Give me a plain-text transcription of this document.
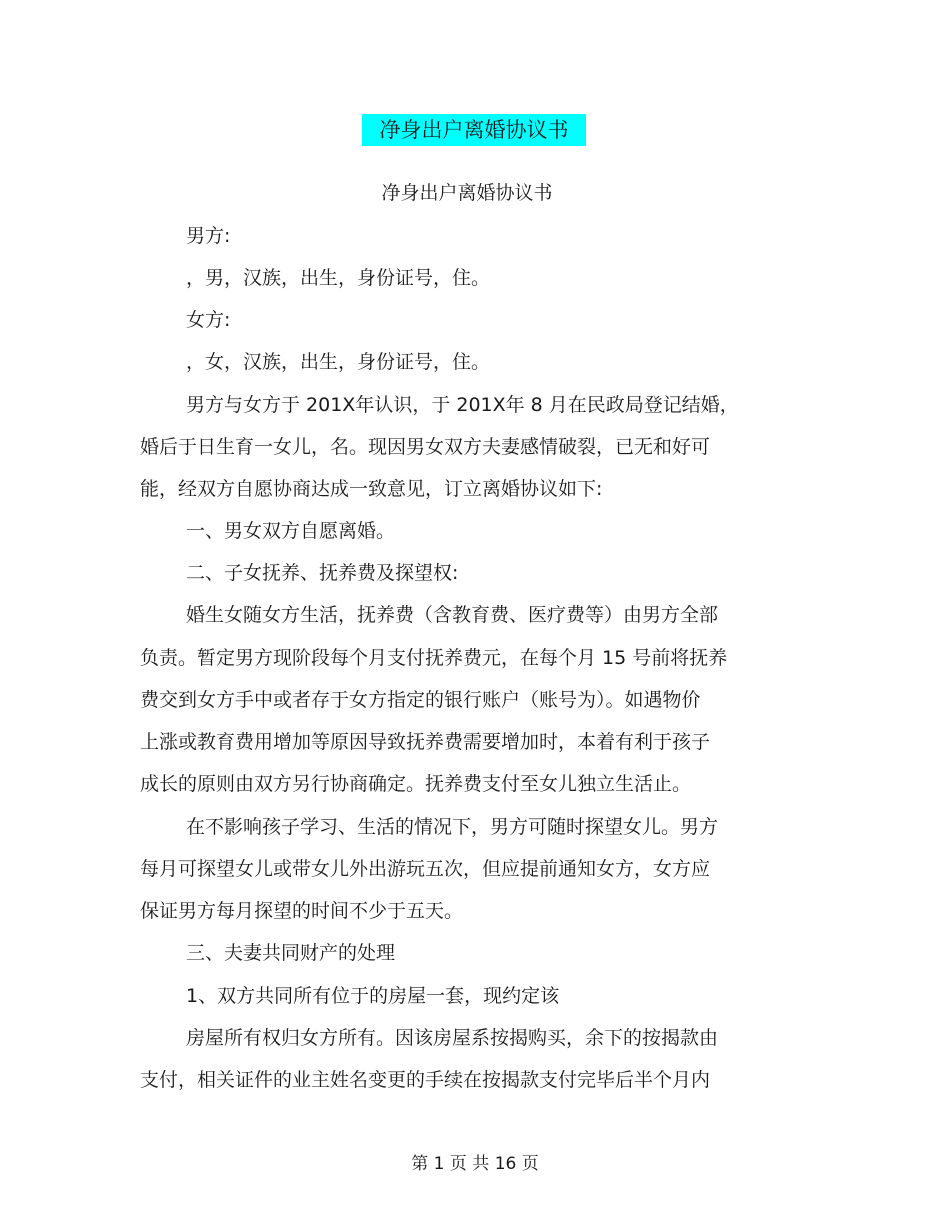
净身出户离婚协议书
净身出户离婚协议书
男方:
，男，汉族，出生，身份证号，住。
女方:
，女，汉族，出生，身份证号，住。
男方与女方于 201X年认识，于 201X年 8 月在民政局登记结婚，
婚后于日生育一女儿，名。现因男女双方夫妻感情破裂，已无和好可
能，经双方自愿协商达成一致意见，订立离婚协议如下:
一、男女双方自愿离婚。
二、子女抚养、抚养费及探望权:
婚生女随女方生活，抚养费（含教育费、医疗费等）由男方全部
负责。暂定男方现阶段每个月支付抚养费元，在每个月 15 号前将抚养
费交到女方手中或者存于女方指定的银行账户（账号为）。如遇物价
上涨或教育费用增加等原因导致抚养费需要增加时，本着有利于孩子
成长的原则由双方另行协商确定。抚养费支付至女儿独立生活止。
在不影响孩子学习、生活的情况下，男方可随时探望女儿。男方
每月可探望女儿或带女儿外出游玩五次，但应提前通知女方，女方应
保证男方每月探望的时间不少于五天。
三、夫妻共同财产的处理
1、双方共同所有位于的房屋一套，现约定该
房屋所有权归女方所有。因该房屋系按揭购买，余下的按揭款由
支付，相关证件的业主姓名变更的手续在按揭款支付完毕后半个月内
第 1 页 共 16 页
